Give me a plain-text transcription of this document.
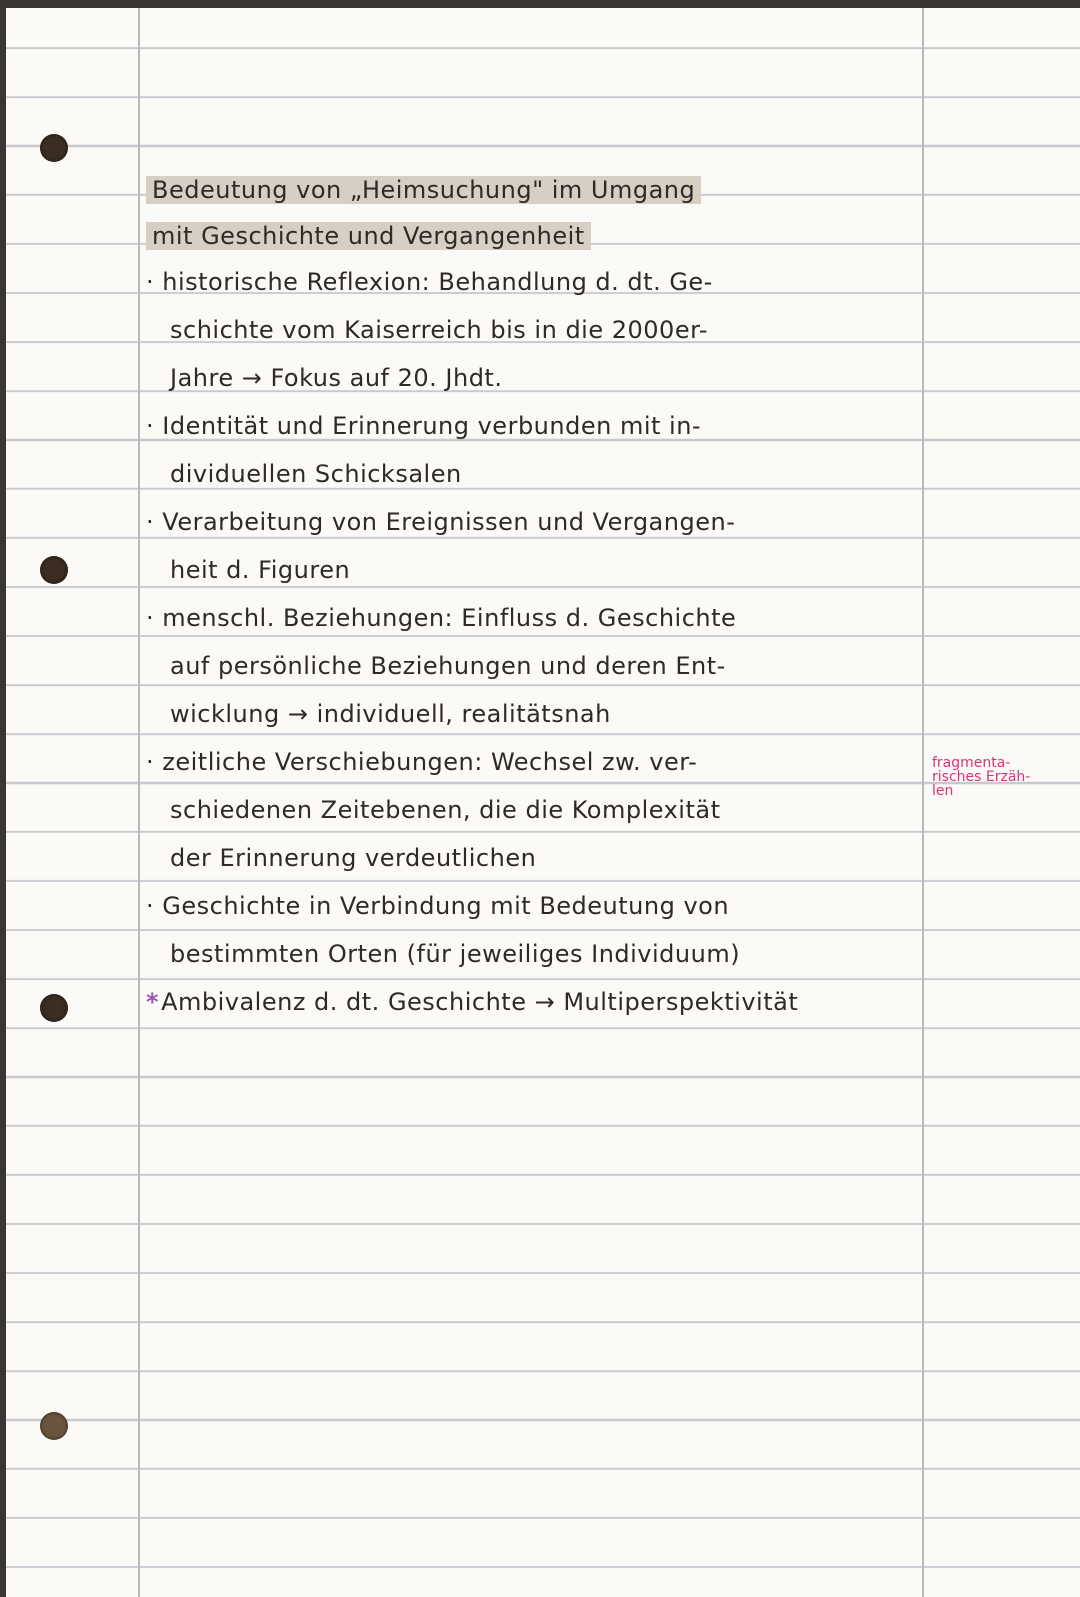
Bedeutung von „Heimsuchung" im Umgang
mit Geschichte und Vergangenheit
· historische Reflexion: Behandlung d. dt. Ge-
schichte vom Kaiserreich bis in die 2000er-
Jahre → Fokus auf 20. Jhdt.
· Identität und Erinnerung verbunden mit in-
dividuellen Schicksalen
· Verarbeitung von Ereignissen und Vergangen-
heit d. Figuren
· menschl. Beziehungen: Einfluss d. Geschichte
auf persönliche Beziehungen und deren Ent-
wicklung → individuell, realitätsnah
· zeitliche Verschiebungen: Wechsel zw. ver-
schiedenen Zeitebenen, die die Komplexität
der Erinnerung verdeutlichen
· Geschichte in Verbindung mit Bedeutung von
bestimmten Orten (für jeweiliges Individuum)
*Ambivalenz d. dt. Geschichte → Multiperspektivität
fragmenta-
risches Erzäh-
len
